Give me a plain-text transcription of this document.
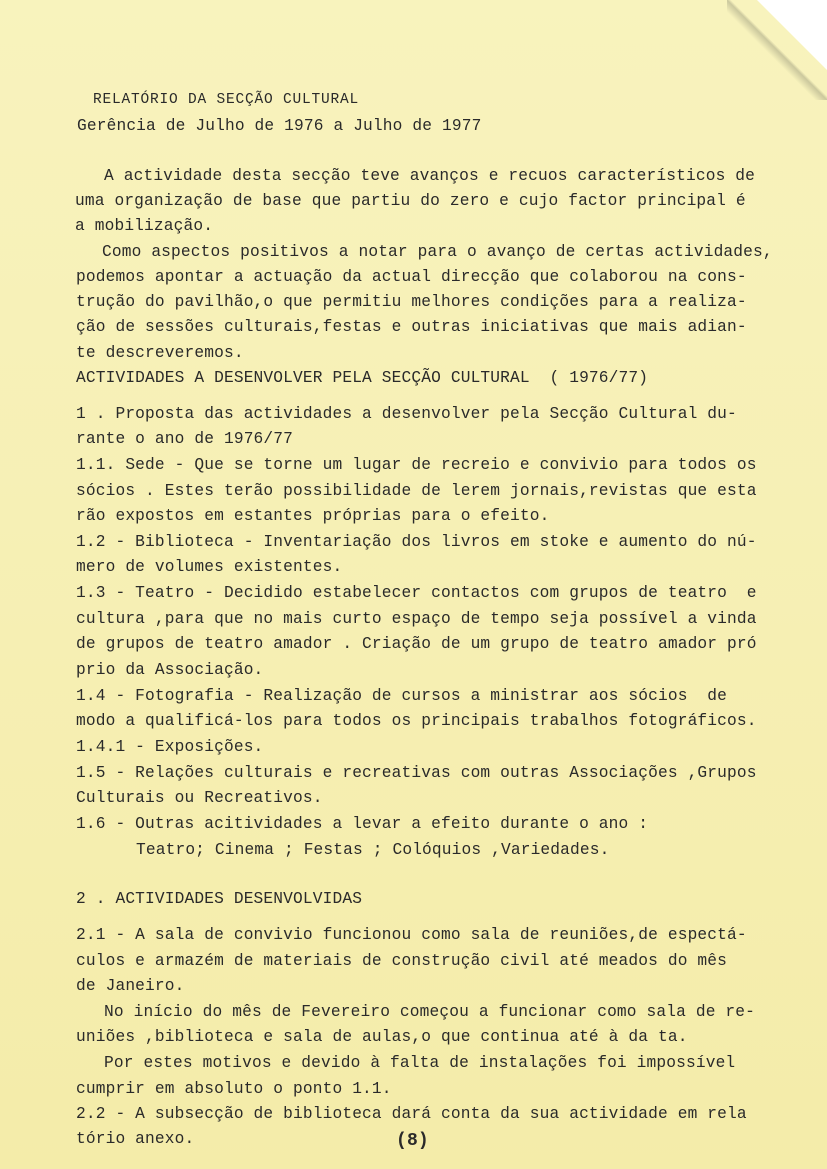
RELATÓRIO DA SECÇÃO CULTURAL
Gerência de Julho de 1976 a Julho de 1977
A actividade desta secção teve avanços e recuos característicos de
uma organização de base que partiu do zero e cujo factor principal é
a mobilização.
Como aspectos positivos a notar para o avanço de certas actividades,
podemos apontar a actuação da actual direcção que colaborou na cons-
trução do pavilhão,o que permitiu melhores condições para a realiza-
ção de sessões culturais,festas e outras iniciativas que mais adian-
te descreveremos.
ACTIVIDADES A DESENVOLVER PELA SECÇÃO CULTURAL  ( 1976/77)
1 . Proposta das actividades a desenvolver pela Secção Cultural du-
rante o ano de 1976/77
1.1. Sede - Que se torne um lugar de recreio e convivio para todos os
sócios . Estes terão possibilidade de lerem jornais,revistas que esta
rão expostos em estantes próprias para o efeito.
1.2 - Biblioteca - Inventariação dos livros em stoke e aumento do nú-
mero de volumes existentes.
1.3 - Teatro - Decidido estabelecer contactos com grupos de teatro  e
cultura ,para que no mais curto espaço de tempo seja possível a vinda
de grupos de teatro amador . Criação de um grupo de teatro amador pró
prio da Associação.
1.4 - Fotografia - Realização de cursos a ministrar aos sócios  de
modo a qualificá-los para todos os principais trabalhos fotográficos.
1.4.1 - Exposições.
1.5 - Relações culturais e recreativas com outras Associações ,Grupos
Culturais ou Recreativos.
1.6 - Outras acitividades a levar a efeito durante o ano :
Teatro; Cinema ; Festas ; Colóquios ,Variedades.
2 . ACTIVIDADES DESENVOLVIDAS
2.1 - A sala de convivio funcionou como sala de reuniões,de espectá-
culos e armazém de materiais de construção civil até meados do mês
de Janeiro.
No início do mês de Fevereiro começou a funcionar como sala de re-
uniões ,biblioteca e sala de aulas,o que continua até à da ta.
Por estes motivos e devido à falta de instalações foi impossível
cumprir em absoluto o ponto 1.1.
2.2 - A subsecção de biblioteca dará conta da sua actividade em rela
tório anexo.	(8)
